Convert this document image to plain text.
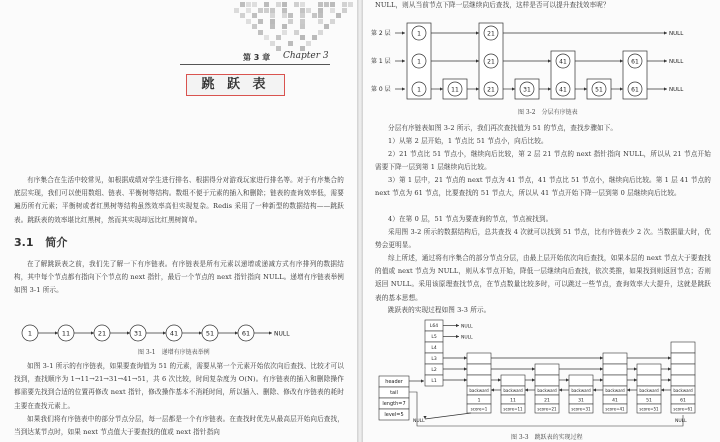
第 3 章 Chapter 3
跳 跃 表

有序集合在生活中较常见，如根据成绩对学生进行排名、根据得分对游戏玩家进行排名等。对于有序集合的底层实现，我们可以使用数组、链表、平衡树等结构。数组不便于元素的插入和删除；链表的查询效率低，需要遍历所有元素；平衡树或者红黑树等结构虽然效率高但实现复杂。Redis 采用了一种新型的数据结构——跳跃表。跳跃表的效率堪比红黑树，然而其实现却远比红黑树简单。

3.1 简介

在了解跳跃表之前，我们先了解一下有序链表。有序链表是所有元素以递增或递减方式有序排列的数据结构，其中每个节点都有指向下个节点的 next 指针，最后一个节点的 next 指针指向 NULL。递增有序链表举例如图 3-1 所示。

1	11	21	31	41	51	61	NULL
图 3-1　递增有序链表举例

如图 3-1 所示的有序链表，如果要查询值为 51 的元素，需要从第一个元素开始依次向后查找、比较才可以找到，查找顺序为 1→11→21→31→41→51，共 6 次比较，时间复杂度为 O(N)。有序链表的插入和删除操作都需要先找到合适的位置再修改 next 指针，修改操作基本不消耗时间，所以插入、删除、修改有序链表的耗时主要在查找元素上。

如果我们将有序链表中的部分节点分层，每一层都是一个有序链表。在查找时优先从最高层开始向后查找，当到达某节点时，如果 next 节点值大于要查找的值或 next 指针指向

NULL，则从当前节点下降一层继续向后查找，这样是否可以提升查找效率呢？

第 2 层
第 1 层
第 0 层	1
1
1
11	21
21
21
31	41
41
51	61
61
NULL
NULL
NULL
图 3-2　分层有序链表

分层有序链表如图 3-2 所示，我们再次查找值为 51 的节点，查找步骤如下。

1）从第 2 层开始，1 节点比 51 节点小，向后比较。

2）21 节点比 51 节点小，继续向后比较，第 2 层 21 节点的 next 指针指向 NULL，所以从 21 节点开始需要下降一层到第 1 层继续向后比较。

3）第 1 层中，21 节点的 next 节点为 41 节点，41 节点比 51 节点小，继续向后比较。第 1 层 41 节点的 next 节点为 61 节点，比要查找的 51 节点大，所以从 41 节点开始下降一层到第 0 层继续向后比较。

4）在第 0 层，51 节点为要查询的节点，节点被找到。

采用图 3-2 所示的数据结构后，总共查找 4 次就可以找到 51 节点，比有序链表少 2 次。当数据量大时，优势会更明显。

综上所述，通过将有序集合的部分节点分层，由最上层开始依次向后查找，如果本层的 next 节点大于要查找的值或 next 节点为 NULL，则从本节点开始，降低一层继续向后查找，依次类推，如果找到则返回节点；否则返回 NULL。采用该原理查找节点，在节点数量比较多时，可以跳过一些节点，查询效率大大提升，这就是跳跃表的基本思想。

跳跃表的实现过程如图 3-3 所示。

header
tail
length=7
level=5
L64
L5
L4
L3
L2
L1
NULL
NULL
backward
1
score=1
backward
11
score=11
backward
21
score=21
backward
31
score=31
backward
41
score=41
backward
51
score=51
backward
61
score=61
NULL
NULL
图 3-3　跳跃表的实现过程
